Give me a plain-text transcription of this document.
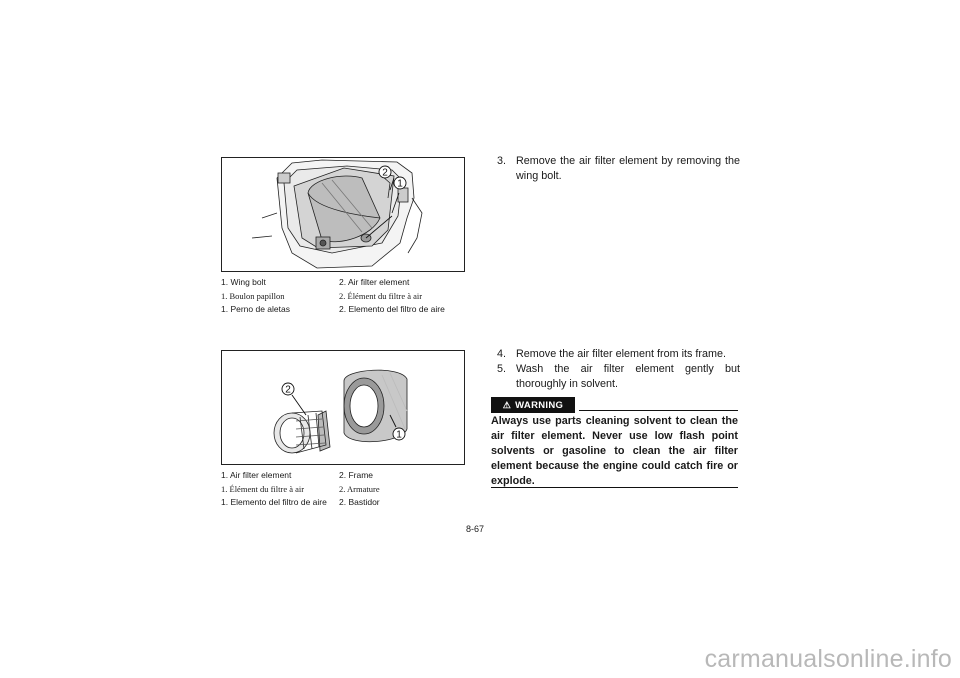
2
1
1. Wing bolt	2. Air filter element
1. Boulon papillon	2. Élément du filtre à air
1. Perno de aletas	2. Elemento del filtro de aire
2
1
1. Air filter element	2. Frame
1. Élément du filtre à air	2. Armature
1. Elemento del filtro de aire	2. Bastidor
3. Remove the air filter element by removing the wing bolt.
4. Remove the air filter element from its frame.
5. Wash the air filter element gently but thoroughly in solvent.
⚠ WARNING
Always use parts cleaning solvent to clean the air filter element. Never use low flash point solvents or gasoline to clean the air filter element because the engine could catch fire or explode.
8-67
carmanualsonline.info
